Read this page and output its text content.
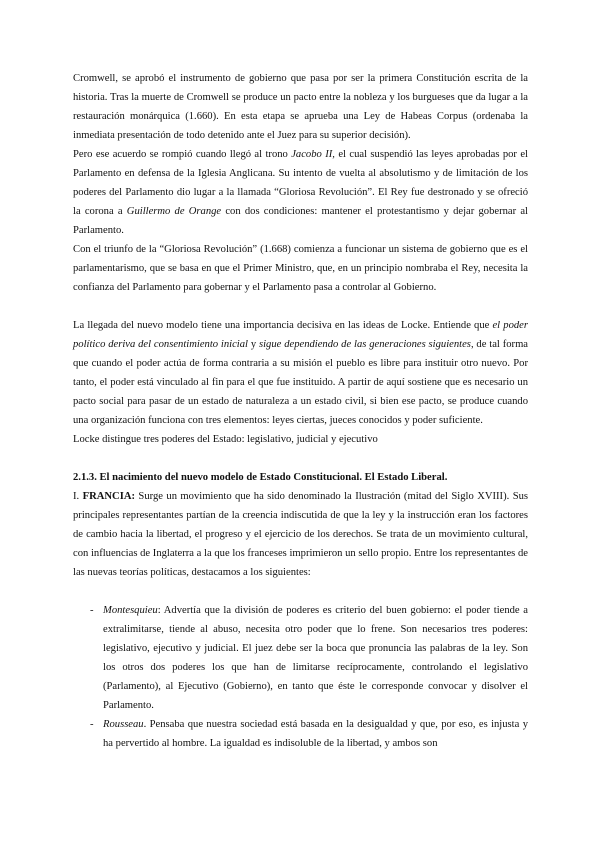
Cromwell, se aprobó el instrumento de gobierno que pasa por ser la primera Constitución escrita de la historia. Tras la muerte de Cromwell se produce un pacto entre la nobleza y los burgueses que da lugar a la restauración monárquica (1.660). En esta etapa se aprueba una Ley de Habeas Corpus (ordenaba la inmediata presentación de todo detenido ante el Juez para su superior decisión).

Pero ese acuerdo se rompió cuando llegó al trono Jacobo II, el cual suspendió las leyes aprobadas por el Parlamento en defensa de la Iglesia Anglicana. Su intento de vuelta al absolutismo y de limitación de los poderes del Parlamento dio lugar a la llamada “Gloriosa Revolución”. El Rey fue destronado y se ofreció la corona a Guillermo de Orange con dos condiciones: mantener el protestantismo y dejar gobernar al Parlamento.

Con el triunfo de la “Gloriosa Revolución” (1.668) comienza a funcionar un sistema de gobierno que es el parlamentarismo, que se basa en que el Primer Ministro, que, en un principio nombraba el Rey, necesita la confianza del Parlamento para gobernar y el Parlamento pasa a controlar al Gobierno.

La llegada del nuevo modelo tiene una importancia decisiva en las ideas de Locke. Entiende que el poder político deriva del consentimiento inicial y sigue dependiendo de las generaciones siguientes, de tal forma que cuando el poder actúa de forma contraria a su misión el pueblo es libre para instituir otro nuevo. Por tanto, el poder está vinculado al fin para el que fue instituido. A partir de aquí sostiene que es necesario un pacto social para pasar de un estado de naturaleza a un estado civil, si bien ese pacto, se produce cuando una organización funciona con tres elementos: leyes ciertas, jueces conocidos y poder suficiente.

Locke distingue tres poderes del Estado: legislativo, judicial y ejecutivo

2.1.3. El nacimiento del nuevo modelo de Estado Constitucional. El Estado Liberal.

I. FRANCIA: Surge un movimiento que ha sido denominado la Ilustración (mitad del Siglo XVIII). Sus principales representantes partían de la creencia indiscutida de que la ley y la instrucción eran los factores de cambio hacia la libertad, el progreso y el ejercicio de los derechos. Se trata de un movimiento cultural, con influencias de Inglaterra a la que los franceses imprimieron un sello propio. Entre los representantes de las nuevas teorías políticas, destacamos a los siguientes:

- Montesquieu: Advertía que la división de poderes es criterio del buen gobierno: el poder tiende a extralimitarse, tiende al abuso, necesita otro poder que lo frene. Son necesarios tres poderes: legislativo, ejecutivo y judicial. El juez debe ser la boca que pronuncia las palabras de la ley. Son los otros dos poderes los que han de limitarse recíprocamente, controlando el legislativo (Parlamento), al Ejecutivo (Gobierno), en tanto que éste le corresponde convocar y disolver el Parlamento.

- Rousseau. Pensaba que nuestra sociedad está basada en la desigualdad y que, por eso, es injusta y ha pervertido al hombre. La igualdad es indisoluble de la libertad, y ambos son
